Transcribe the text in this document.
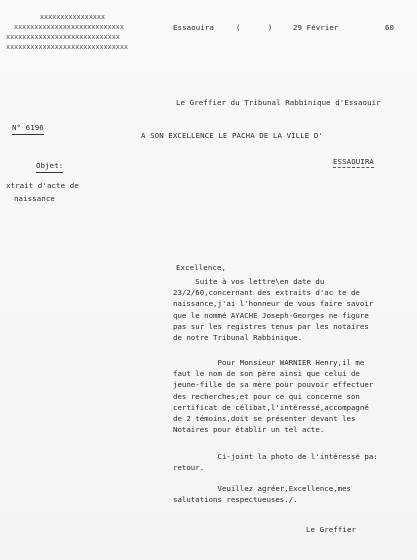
xxxxxxxxxxxxxxxx
xxxxxxxxxxxxxxxxxxxxxxxxxxx
xxxxxxxxxxxxxxxxxxxxxxxxxxxx
xxxxxxxxxxxxxxxxxxxxxxxxxxxxxx
Essaouira	(      )	29 Février	60
Le Greffier du Tribunal Rabbinique d'Essaouir
N° 6196
A SON EXCELLENCE LE PACHA DE LA VILLE D'
ESSAOUIRA
Objet:
xtrait d'acte de
naissance
Excellence,
Suite à vos lettre\en date du
23/2/60,concernant des extraits d'ac te de
naissance,j'ai l'honneur de vous faire savoir
que le nommé AYACHE Joseph-Georges ne figure
pas sur les registres tenus par les notaires
de notre Tribunal Rabbinique.
Pour Monsieur WARNIER Henry,il me
faut le nom de son père ainsi que celui de
jeune-fille de sa mère pour pouvoir effectuer
des recherches;et pour ce qui concerne son
certificat de célibat,l'intéressé,accompagné
de 2 témoins,doit se présenter devant les
Notaires pour établir un tel acte.
Ci-joint la photo de l'intéressé pa:
retour.
Veuillez agréer,Excellence,mes
salutations respectueuses./.
Le Greffier
